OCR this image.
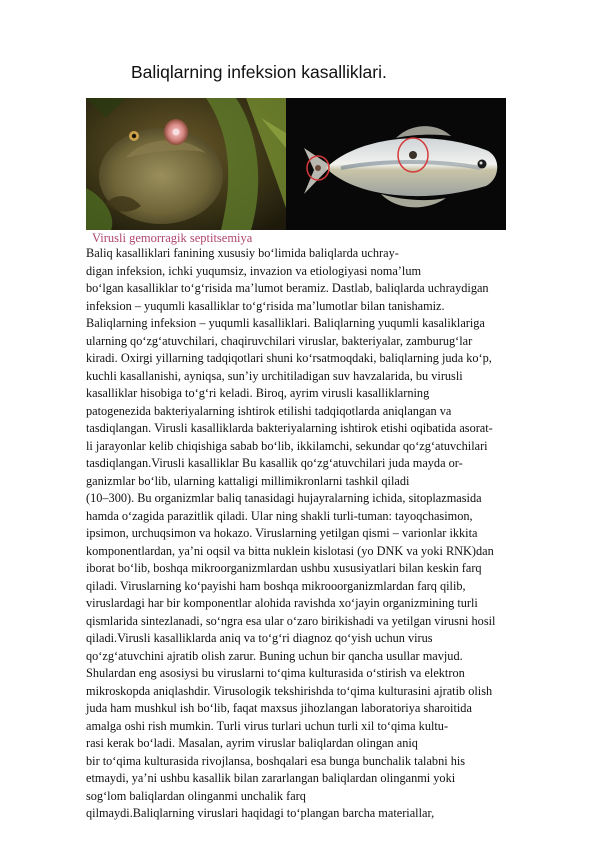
Baliqlarning infeksion kasalliklari.
Virusli gemorragik septitsemiya
Baliq kasalliklari fanining xususiy bo‘limida baliqlarda uchray-
digan infeksion, ichki yuqumsiz, invazion va etiologiyasi noma’lum
bo‘lgan kasalliklar to‘g‘risida ma’lumot beramiz. Dastlab, baliqlarda uchraydigan
infeksion – yuqumli kasalliklar to‘g‘risida ma’lumotlar bilan tanishamiz.
Baliqlarning infeksion – yuqumli kasalliklari. Baliqlarning yuqumli kasaliklariga
ularning qo‘zg‘atuvchilari, chaqiruvchilari viruslar, bakteriyalar, zamburug‘lar
kiradi. Oxirgi yillarning tadqiqotlari shuni ko‘rsatmoqdaki, baliqlarning juda ko‘p,
kuchli kasallanishi, ayniqsa, sun’iy urchitiladigan suv havzalarida, bu virusli
kasalliklar hisobiga to‘g‘ri keladi. Biroq, ayrim virusli kasalliklarning
patogenezida bakteriyalarning ishtirok etilishi tadqiqotlarda aniqlangan va
tasdiqlangan. Virusli kasalliklarda bakteriyalarning ishtirok etishi oqibatida asorat-
li jarayonlar kelib chiqishiga sabab bo‘lib, ikkilamchi, sekundar qo‘zg‘atuvchilari
tasdiqlangan.Virusli kasalliklar Bu kasallik qo‘zg‘atuvchilari juda mayda or-
ganizmlar bo‘lib, ularning kattaligi millimikronlarni tashkil qiladi
(10–300). Bu organizmlar baliq tanasidagi hujayralarning ichida, sitoplazmasida
hamda o‘zagida parazitlik qiladi. Ular ning shakli turli-tuman: tayoqchasimon,
ipsimon, urchuqsimon va hokazo. Viruslarning yetilgan qismi – varionlar ikkita
komponentlardan, ya’ni oqsil va bitta nuklein kislotasi (yo DNK va yoki RNK)dan
iborat bo‘lib, boshqa mikroorganizmlardan ushbu xususiyatlari bilan keskin farq
qiladi. Viruslarning ko‘payishi ham boshqa mikrooorganizmlardan farq qilib,
viruslardagi har bir komponentlar alohida ravishda xo‘jayin organizmining turli
qismlarida sintezlanadi, so‘ngra esa ular o‘zaro birikishadi va yetilgan virusni hosil
qiladi.Virusli kasalliklarda aniq va to‘g‘ri diagnoz qo‘yish uchun virus
qo‘zg‘atuvchini ajratib olish zarur. Buning uchun bir qancha usullar mavjud.
Shulardan eng asosiysi bu viruslarni to‘qima kulturasida o‘stirish va elektron
mikroskopda aniqlashdir. Virusologik tekshirishda to‘qima kulturasini ajratib olish
juda ham mushkul ish bo‘lib, faqat maxsus jihozlangan laboratoriya sharoitida
amalga oshi rish mumkin. Turli virus turlari uchun turli xil to‘qima kultu-
rasi kerak bo‘ladi. Masalan, ayrim viruslar baliqlardan olingan aniq
bir to‘qima kulturasida rivojlansa, boshqalari esa bunga bunchalik talabni his
etmaydi, ya’ni ushbu kasallik bilan zararlangan baliqlardan olinganmi yoki
sog‘lom baliqlardan olinganmi unchalik farq
qilmaydi.Baliqlarning viruslari haqidagi to‘plangan barcha materiallar,
